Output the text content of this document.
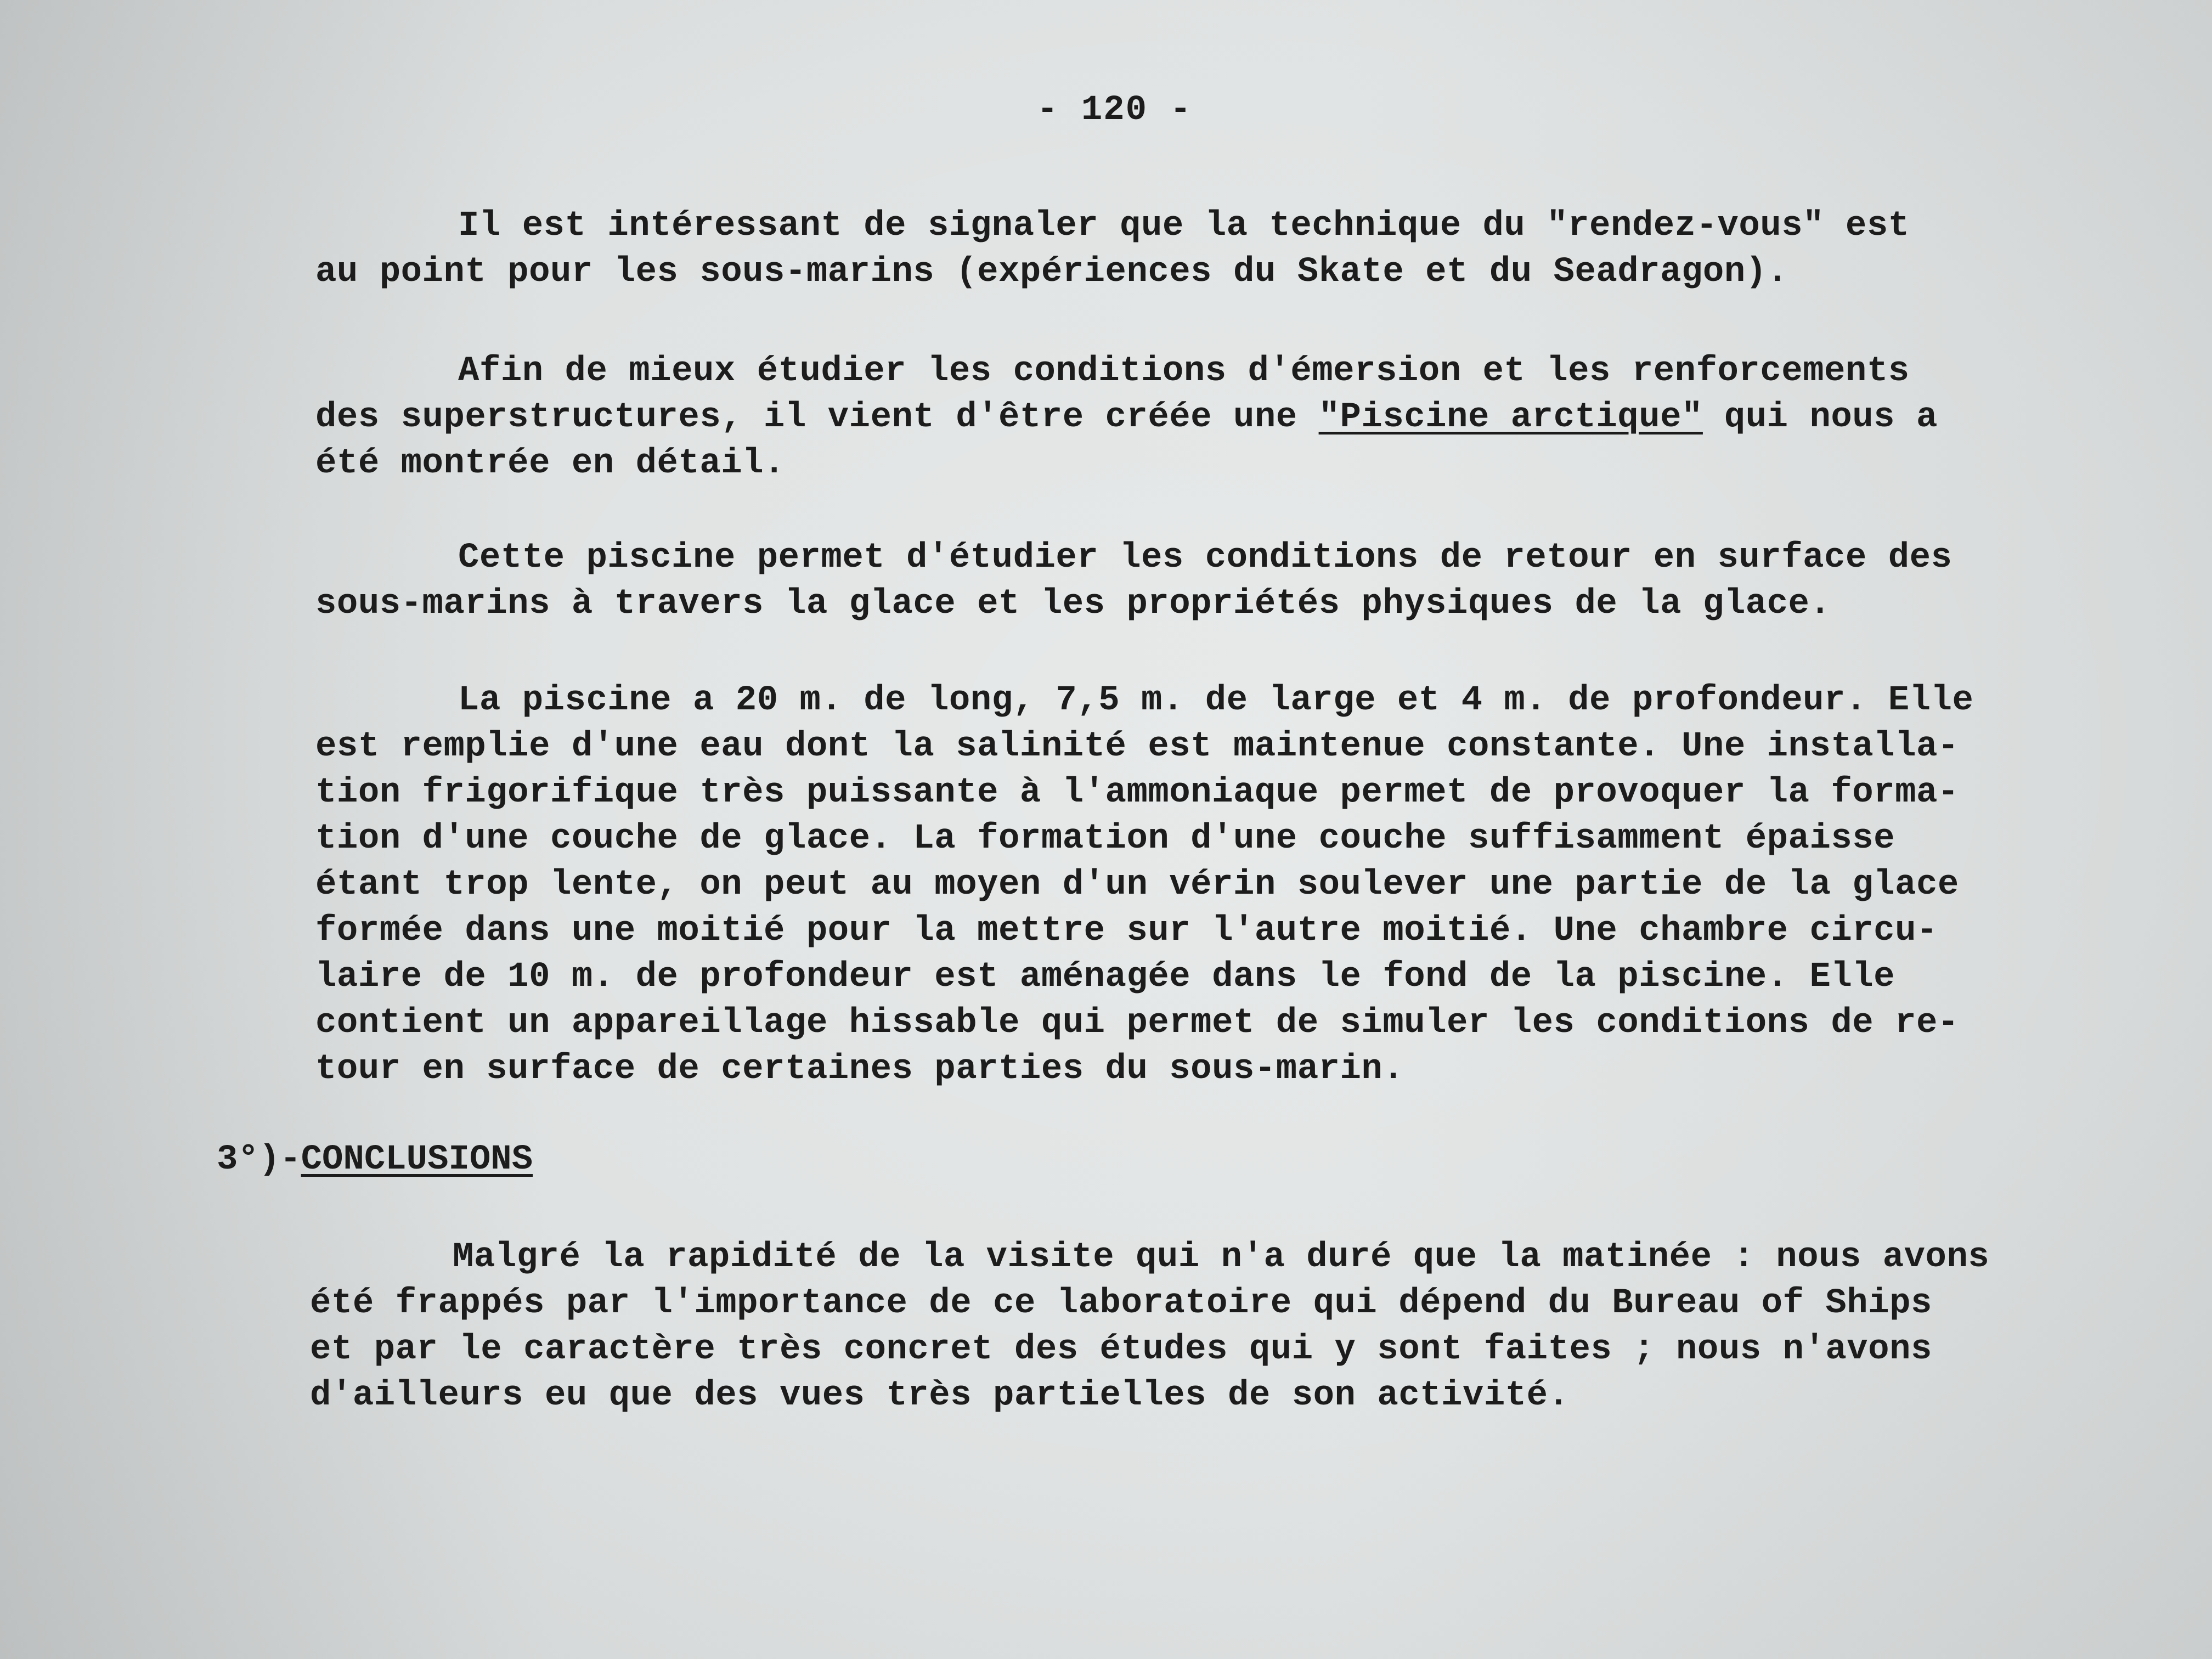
- 120 -
Il est intéressant de signaler que la technique du "rendez-vous" est
au point pour les sous-marins (expériences du Skate et du Seadragon).
Afin de mieux étudier les conditions d'émersion et les renforcements
des superstructures, il vient d'être créée une "Piscine arctique" qui nous a
été montrée en détail.
Cette piscine permet d'étudier les conditions de retour en surface des
sous-marins à travers la glace et les propriétés physiques de la glace.
La piscine a 20 m. de long, 7,5 m. de large et 4 m. de profondeur. Elle
est remplie d'une eau dont la salinité est maintenue constante. Une installa-
tion frigorifique très puissante à l'ammoniaque permet de provoquer la forma-
tion d'une couche de glace. La formation d'une couche suffisamment épaisse
étant trop lente, on peut au moyen d'un vérin soulever une partie de la glace
formée dans une moitié pour la mettre sur l'autre moitié. Une chambre circu-
laire de 10 m. de profondeur est aménagée dans le fond de la piscine. Elle
contient un appareillage hissable qui permet de simuler les conditions de re-
tour en surface de certaines parties du sous-marin.
3°)-CONCLUSIONS
Malgré la rapidité de la visite qui n'a duré que la matinée : nous avons
été frappés par l'importance de ce laboratoire qui dépend du Bureau of Ships
et par le caractère très concret des études qui y sont faites ; nous n'avons
d'ailleurs eu que des vues très partielles de son activité.
